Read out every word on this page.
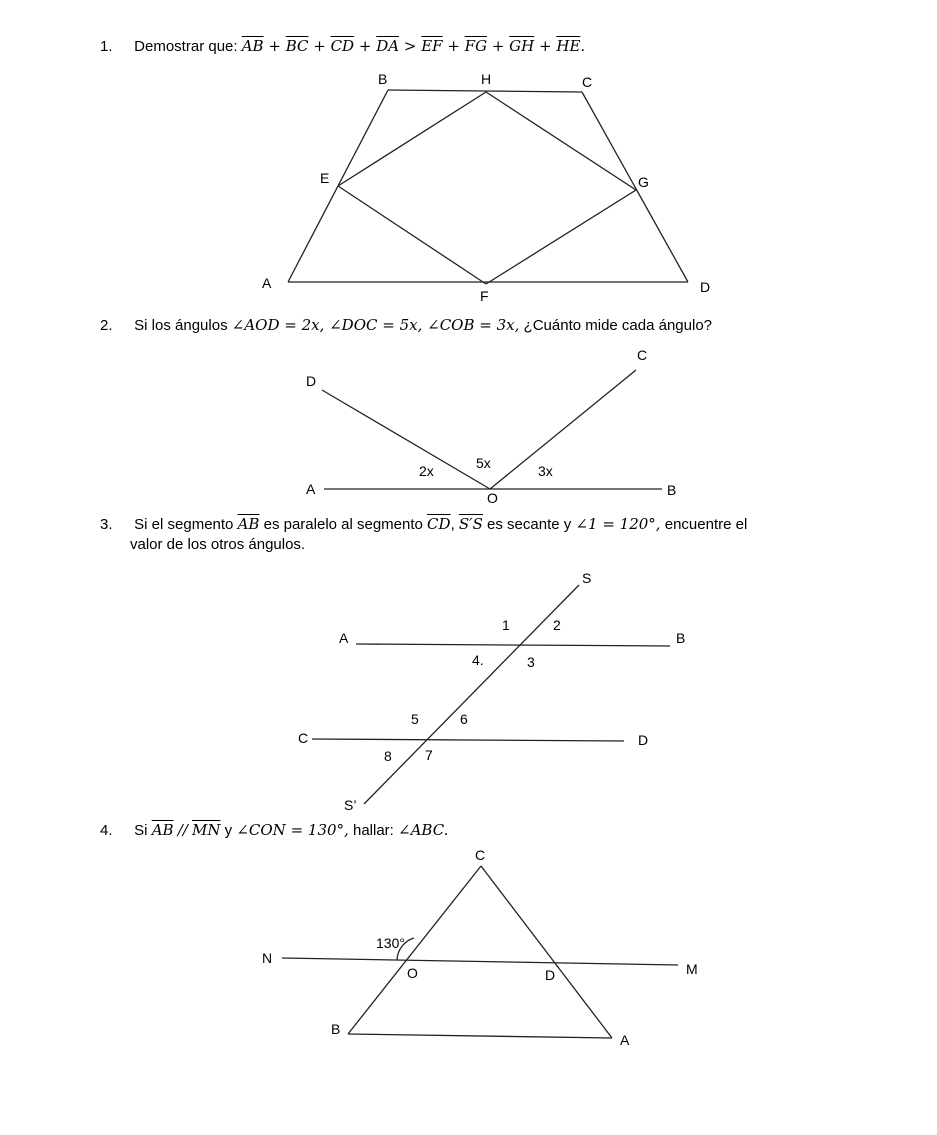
1. Demostrar que: $\overline{AB} + \overline{BC} + \overline{CD} + \overline{DA} > \overline{EF} + \overline{FG} + \overline{GH} + \overline{HE}$.
2. Si los ángulos ∠AOD = 2x, ∠DOC = 5x, ∠COB = 3x, ¿Cuánto mide cada ángulo?
3. Si el segmento $\overline{AB}$ es paralelo al segmento $\overline{CD}$, S′S es secante y ∠1 = 120°, encuentre el
valor de los otros ángulos.
4. Si $\overline{AB} // \overline{MN}$ y ∠CON = 130°, hallar: ∠ABC.
B	H	C
E	G
A
F
D
D
C
A	B
O
2x	5x	3x
A	B
C	D
S
S’
1	2
3
4.
5	6
7
8
C
N
M
O	D
B
A
130°
